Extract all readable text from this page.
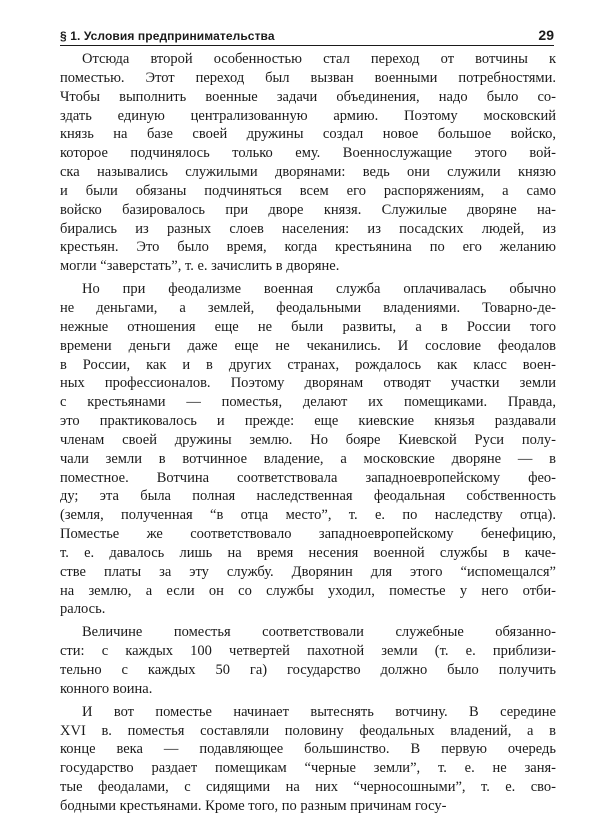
§ 1. Условия предприниматeльства	29

Отсюда второй особенностью стал переход от вотчины к
поместью. Этот переход был вызван военными потребностями.
Чтобы выполнить военные задачи объединения, надо было со-
здать единую централизованную армию. Поэтому московский
князь на базе своей дружины создал новое большое войско,
которое подчинялось только ему. Военнослужащие этого вой-
ска назывались служилыми дворянами: ведь они служили князю
и были обязаны подчиняться всем его распоряжениям, а само
войско базировалось при дворе князя. Служилые дворяне на-
бирались из разных слоев населения: из посадских людей, из
крестьян. Это было время, когда крестьянина по его желанию
могли “заверстать”, т. е. зачислить в дворяне.

Но при феодализме военная служба оплачивалась обычно
не деньгами, а землей, феодальными владениями. Товарно-де-
нежные отношения еще не были развиты, а в России того
времени деньги даже еще не чеканились. И сословие феодалов
в России, как и в других странах, рождалось как класс воен-
ных профессионалов. Поэтому дворянам отводят участки земли
с крестьянами — поместья, делают их помещиками. Правда,
это практиковалось и прежде: еще киевские князья раздавали
членам своей дружины землю. Но бояре Киевской Руси полу-
чали земли в вотчинное владение, а московские дворяне — в
поместное. Вотчина соответствовала западноевропейскому фео-
ду; эта была полная наследственная феодальная собственность
(земля, полученная “в отца место”, т. е. по наследству отца).
Поместье же соответствовало западноевропейскому бенефицию,
т. е. давалось лишь на время несения военной службы в каче-
стве платы за эту службу. Дворянин для этого “испомещался”
на землю, а если он со службы уходил, поместье у него отби-
ралось.

Величине поместья соответствовали служебные обязанно-
сти: с каждых 100 четвертей пахотной земли (т. е. приблизи-
тельно с каждых 50 га) государство должно было получить
конного воина.

И вот поместье начинает вытеснять вотчину. В середине
XVI в. поместья составляли половину феодальных владений, а в
конце века — подавляющее большинство. В первую очередь
государство раздает помещикам “черные земли”, т. е. не заня-
тые феодалами, с сидящими на них “черносошными”, т. е. сво-
бодными крестьянами. Кроме того, по разным причинам госу-
